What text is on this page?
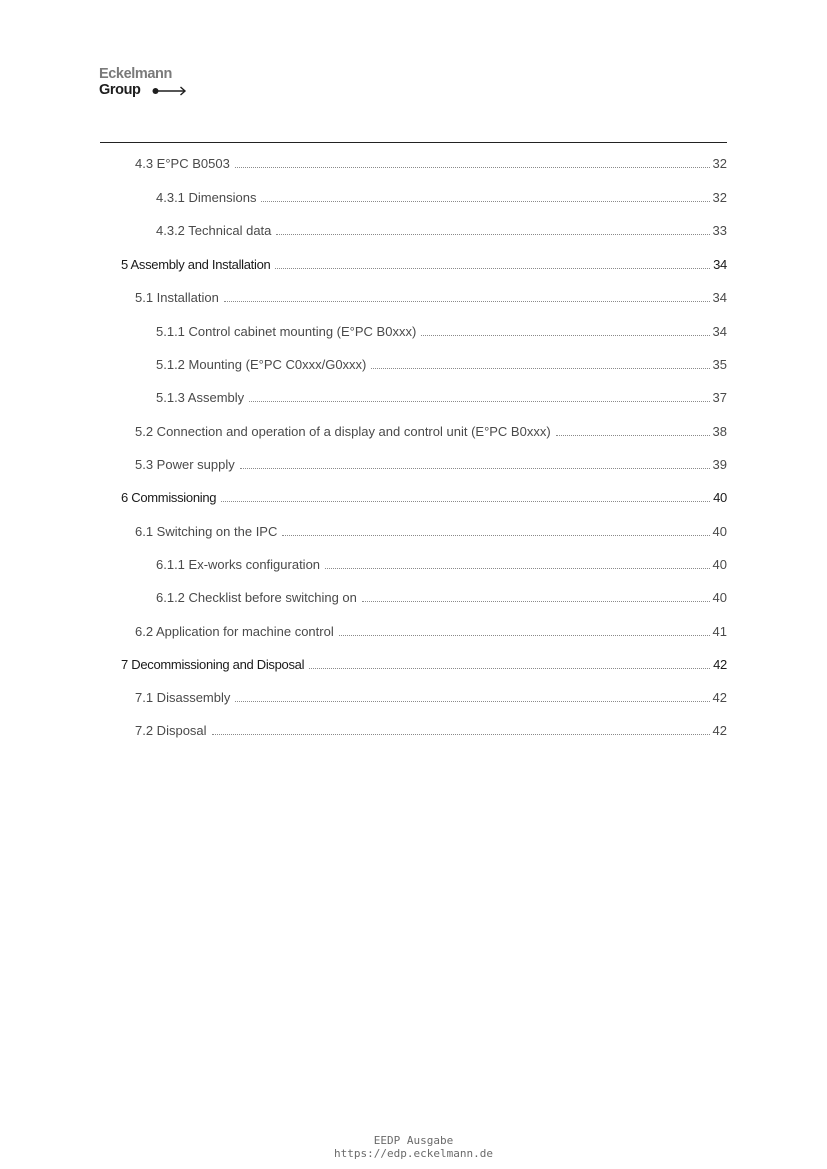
Eckelmann
Group
4.3 E°PC B0503	32
4.3.1 Dimensions	32
4.3.2 Technical data	33
5 Assembly and Installation	34
5.1 Installation	34
5.1.1 Control cabinet mounting (E°PC B0xxx)	34
5.1.2 Mounting (E°PC C0xxx/G0xxx)	35
5.1.3 Assembly	37
5.2 Connection and operation of a display and control unit (E°PC B0xxx)	38
5.3 Power supply	39
6 Commissioning	40
6.1 Switching on the IPC	40
6.1.1 Ex-works configuration	40
6.1.2 Checklist before switching on	40
6.2 Application for machine control	41
7 Decommissioning and Disposal	42
7.1 Disassembly	42
7.2 Disposal	42
EEDP Ausgabe
https://edp.eckelmann.de
